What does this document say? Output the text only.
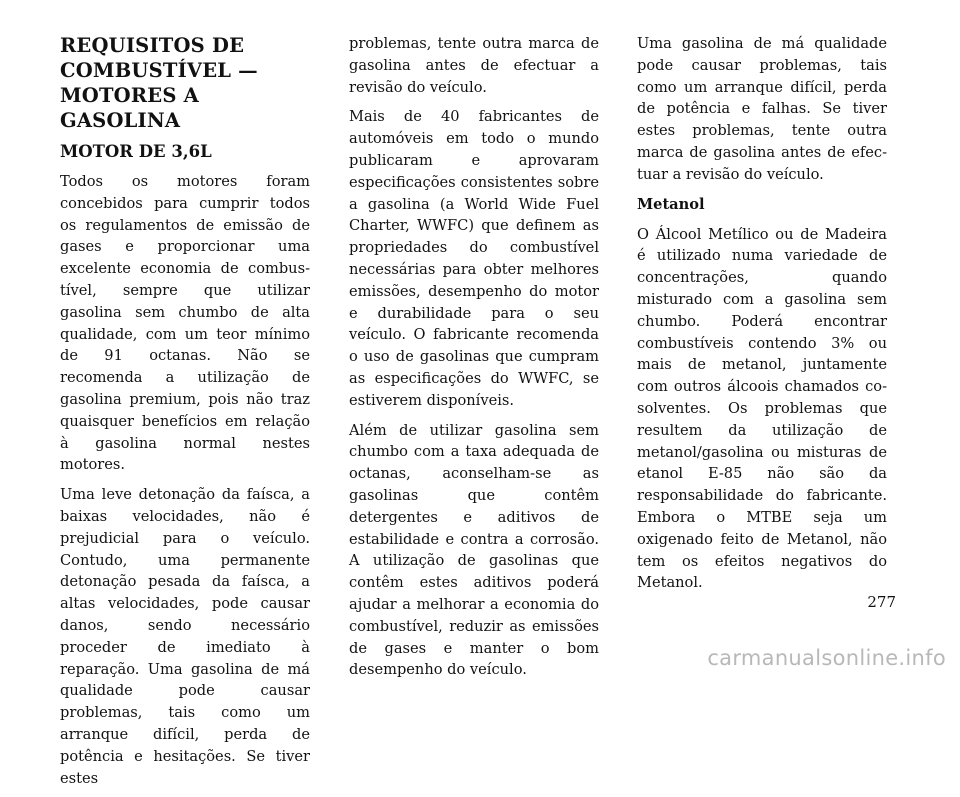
REQUISITOS DE COMBUSTÍVEL — MOTORES A GASOLINA
MOTOR DE 3,6L

Todos os motores foram concebidos para cumprir todos os regulamentos de emissão de gases e proporcionar uma excelente economia de combustível, sempre que utilizar gasolina sem chumbo de alta qualidade, com um teor mínimo de 91 octanas. Não se recomenda a utilização de gasolina premium, pois não traz quaisquer benefícios em relação à gasolina normal nestes motores.

Uma leve detonação da faísca, a baixas velocidades, não é prejudicial para o veículo. Contudo, uma permanente detonação pesada da faísca, a altas velocidades, pode causar danos, sendo necessário proceder de imediato à reparação. Uma gasolina de má qualidade pode causar problemas, tais como um arranque difícil, perda de potência e hesitações. Se tiver estes

problemas, tente outra marca de gasolina antes de efectuar a revisão do veículo.

Mais de 40 fabricantes de automóveis em todo o mundo publicaram e aprovaram especificações consistentes sobre a gasolina (a World Wide Fuel Charter, WWFC) que definem as propriedades do combustível necessárias para obter melhores emissões, desempenho do motor e durabilidade para o seu veículo. O fabricante recomenda o uso de gasolinas que cumpram as especificações do WWFC, se estiverem disponíveis.

Além de utilizar gasolina sem chumbo com a taxa adequada de octanas, aconselham-se as gasolinas que contêm detergentes e aditivos de estabilidade e contra a corrosão. A utilização de gasolinas que contêm estes aditivos poderá ajudar a melhorar a economia do combustível, reduzir as emissões de gases e manter o bom desempenho do veículo.

Uma gasolina de má qualidade pode causar problemas, tais como um arranque difícil, perda de potência e falhas. Se tiver estes problemas, tente outra marca de gasolina antes de efectuar a revisão do veículo.

Metanol

O Álcool Metílico ou de Madeira é utilizado numa variedade de concentrações, quando misturado com a gasolina sem chumbo. Poderá encontrar combustíveis contendo 3% ou mais de metanol, juntamente com outros álcoois chamados co-solventes. Os problemas que resultem da utilização de metanol/gasolina ou misturas de etanol E-85 não são da responsabilidade do fabricante. Embora o MTBE seja um oxigenado feito de Metanol, não tem os efeitos negativos do Metanol.

277
carmanualsonline.info
